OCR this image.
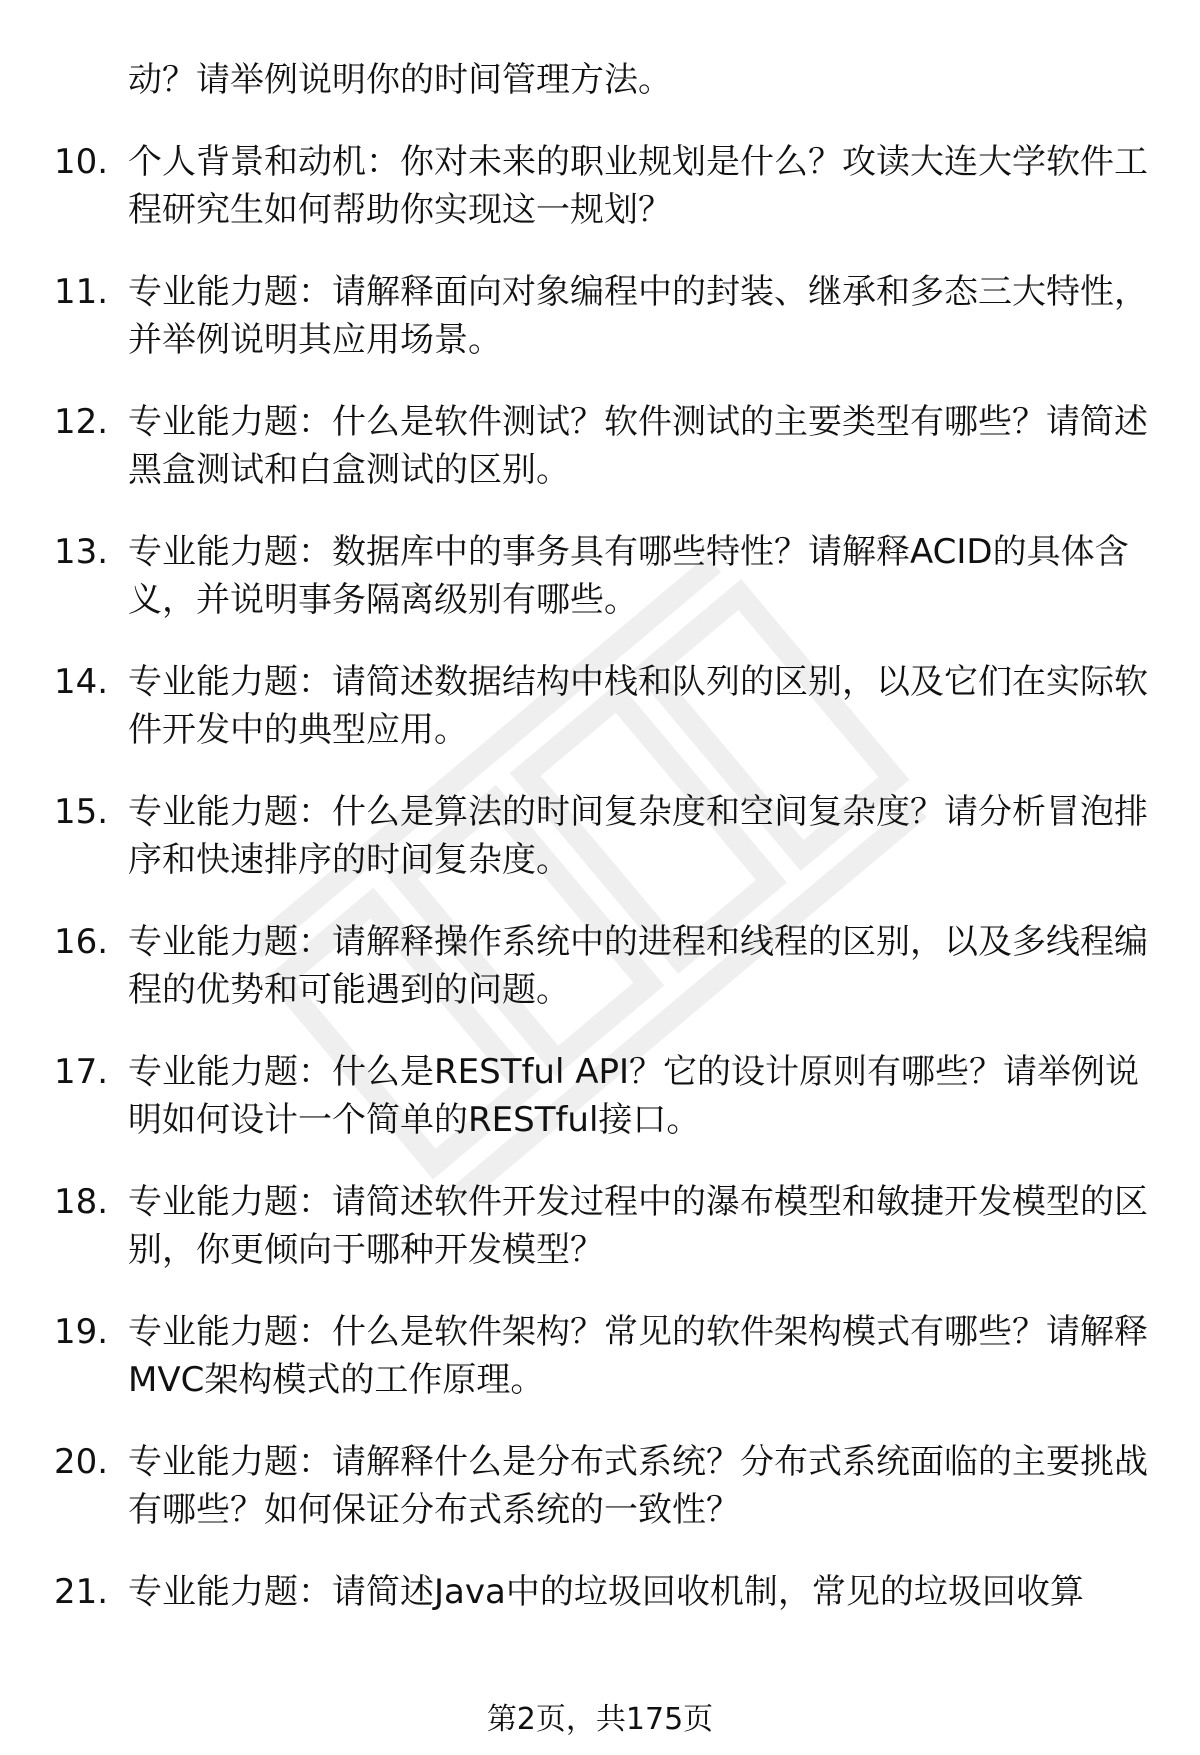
动？请举例说明你的时间管理方法。
10. 个人背景和动机：你对未来的职业规划是什么？攻读大连大学软件工程研究生如何帮助你实现这一规划？
11. 专业能力题：请解释面向对象编程中的封装、继承和多态三大特性，并举例说明其应用场景。
12. 专业能力题：什么是软件测试？软件测试的主要类型有哪些？请简述黑盒测试和白盒测试的区别。
13. 专业能力题：数据库中的事务具有哪些特性？请解释ACID的具体含义，并说明事务隔离级别有哪些。
14. 专业能力题：请简述数据结构中栈和队列的区别，以及它们在实际软件开发中的典型应用。
15. 专业能力题：什么是算法的时间复杂度和空间复杂度？请分析冒泡排序和快速排序的时间复杂度。
16. 专业能力题：请解释操作系统中的进程和线程的区别，以及多线程编程的优势和可能遇到的问题。
17. 专业能力题：什么是RESTful API？它的设计原则有哪些？请举例说明如何设计一个简单的RESTful接口。
18. 专业能力题：请简述软件开发过程中的瀑布模型和敏捷开发模型的区别，你更倾向于哪种开发模型？
19. 专业能力题：什么是软件架构？常见的软件架构模式有哪些？请解释MVC架构模式的工作原理。
20. 专业能力题：请解释什么是分布式系统？分布式系统面临的主要挑战有哪些？如何保证分布式系统的一致性？
21. 专业能力题：请简述Java中的垃圾回收机制，常见的垃圾回收算
第2页，共175页
